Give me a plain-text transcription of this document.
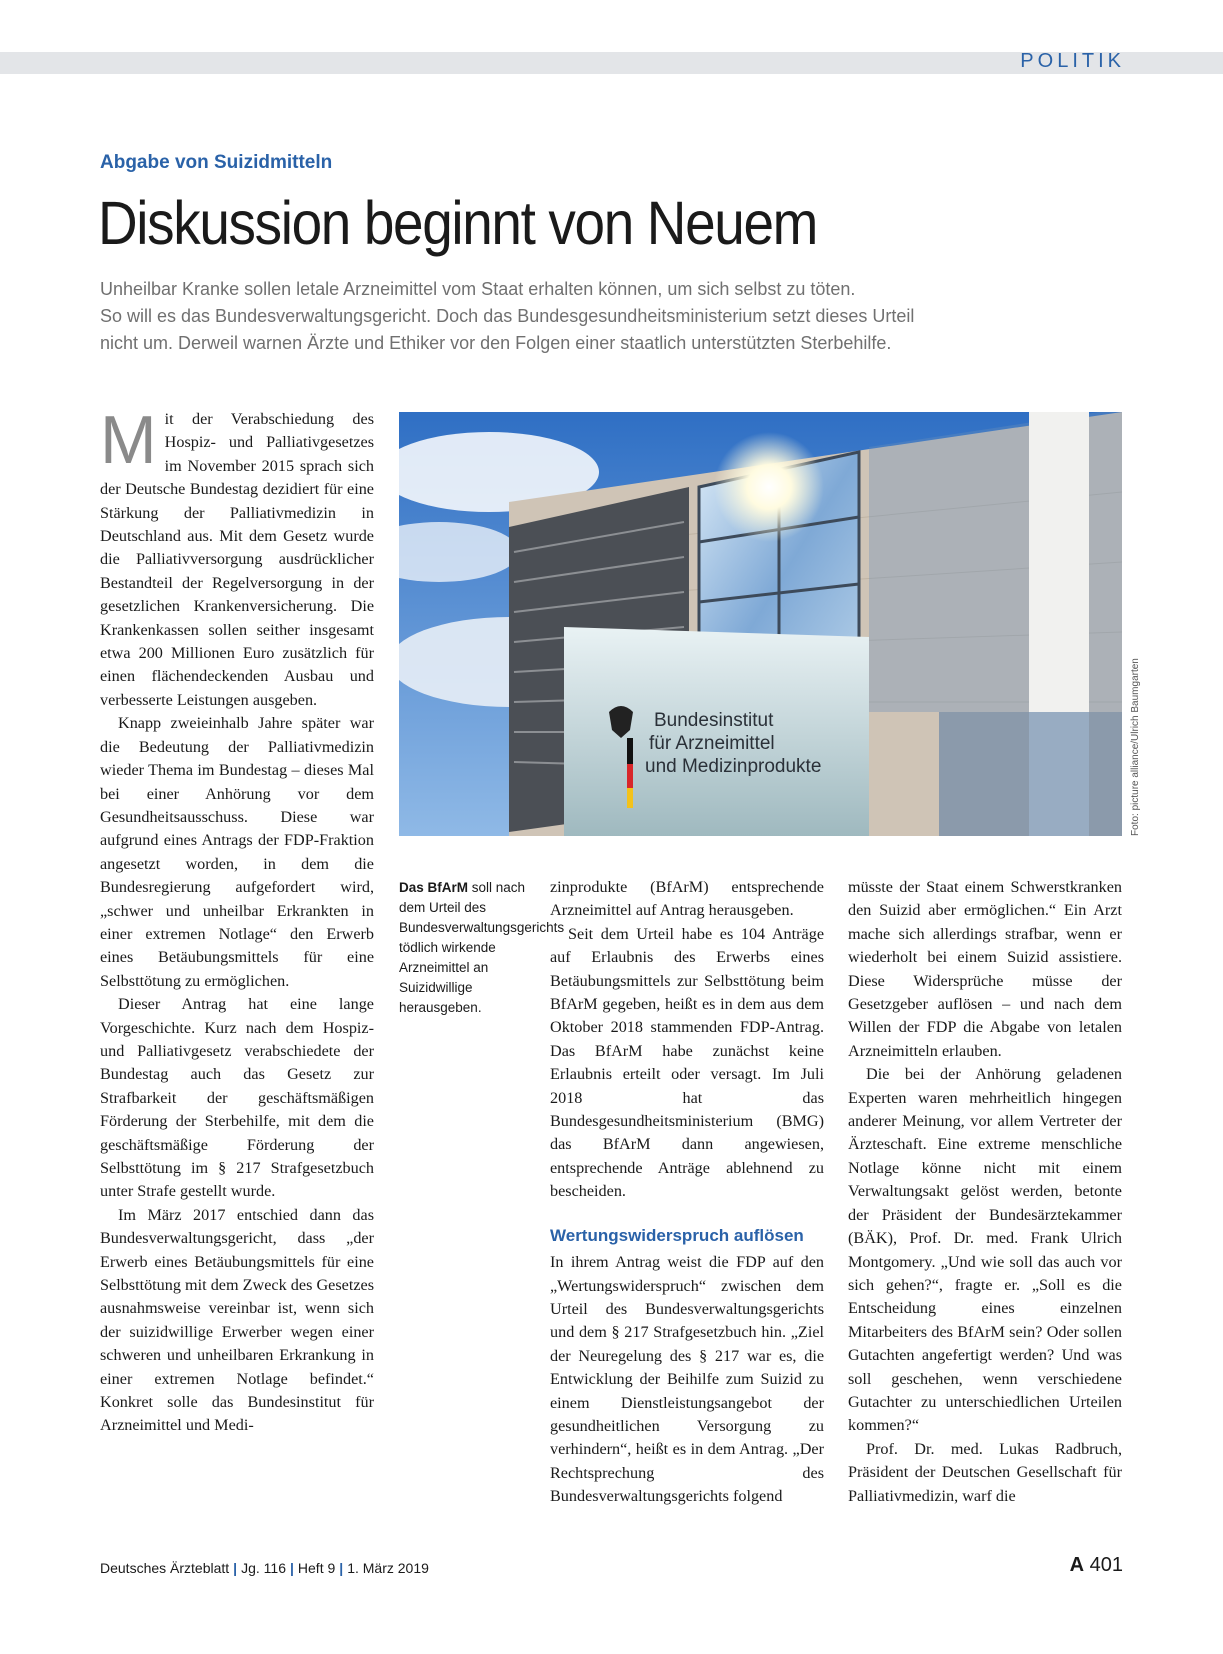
POLITIK
Abgabe von Suizidmitteln
Diskussion beginnt von Neuem
Unheilbar Kranke sollen letale Arzneimittel vom Staat erhalten können, um sich selbst zu töten.
So will es das Bundesverwaltungsgericht. Doch das Bundesgesundheitsministerium setzt dieses Urteil
nicht um. Derweil warnen Ärzte und Ethiker vor den Folgen einer staatlich unterstützten Sterbehilfe.

Mit der Verabschiedung des Hospiz- und Palliativgesetzes im November 2015 sprach sich der Deutsche Bundestag dezidiert für eine Stärkung der Palliativmedizin in Deutschland aus. Mit dem Gesetz wurde die Palliativversorgung ausdrücklicher Bestandteil der Regelversorgung in der gesetzlichen Krankenversicherung. Die Krankenkassen sollen seither insgesamt etwa 200 Millionen Euro zusätzlich für einen flächendeckenden Ausbau und verbesserte Leistungen ausgeben.

Knapp zweieinhalb Jahre später war die Bedeutung der Palliativmedizin wieder Thema im Bundestag – dieses Mal bei einer Anhörung vor dem Gesundheitsausschuss. Diese war aufgrund eines Antrags der FDP-Fraktion angesetzt worden, in dem die Bundesregierung aufgefordert wird, „schwer und unheilbar Erkrankten in einer extremen Notlage“ den Erwerb eines Betäubungsmittels für eine Selbsttötung zu ermöglichen.

Dieser Antrag hat eine lange Vorgeschichte. Kurz nach dem Hospiz- und Palliativgesetz verabschiedete der Bundestag auch das Gesetz zur Strafbarkeit der geschäftsmäßigen Förderung der Sterbehilfe, mit dem die geschäftsmäßige Förderung der Selbsttötung im § 217 Strafgesetzbuch unter Strafe gestellt wurde.

Im März 2017 entschied dann das Bundesverwaltungsgericht, dass „der Erwerb eines Betäubungsmittels für eine Selbsttötung mit dem Zweck des Gesetzes ausnahmsweise vereinbar ist, wenn sich der suizidwillige Erwerber wegen einer schweren und unheilbaren Erkrankung in einer extremen Notlage befindet.“ Konkret solle das Bundesinstitut für Arzneimittel und Medi-

Bundesinstitut
für Arzneimittel
und Medizinprodukte	Foto: picture alliance/Ulrich Baumgarten
Das BfArM soll nach dem Urteil des Bundesverwaltungsgerichts tödlich wirkende Arzneimittel an Suizidwillige herausgeben.

zinprodukte (BfArM) entsprechende Arzneimittel auf Antrag herausgeben.

Seit dem Urteil habe es 104 Anträge auf Erlaubnis des Erwerbs eines Betäubungsmittels zur Selbsttötung beim BfArM gegeben, heißt es in dem aus dem Oktober 2018 stammenden FDP-Antrag. Das BfArM habe zunächst keine Erlaubnis erteilt oder versagt. Im Juli 2018 hat das Bundesgesundheitsministerium (BMG) das BfArM dann angewiesen, entsprechende Anträge ablehnend zu bescheiden.

Wertungswiderspruch auflösen

In ihrem Antrag weist die FDP auf den „Wertungswiderspruch“ zwischen dem Urteil des Bundesverwaltungsgerichts und dem § 217 Strafgesetzbuch hin. „Ziel der Neuregelung des § 217 war es, die Entwicklung der Beihilfe zum Suizid zu einem Dienstleistungsangebot der gesundheitlichen Versorgung zu verhindern“, heißt es in dem Antrag. „Der Rechtsprechung des Bundesverwaltungsgerichts folgend

müsste der Staat einem Schwerstkranken den Suizid aber ermöglichen.“ Ein Arzt mache sich allerdings strafbar, wenn er wiederholt bei einem Suizid assistiere. Diese Widersprüche müsse der Gesetzgeber auflösen – und nach dem Willen der FDP die Abgabe von letalen Arzneimitteln erlauben.

Die bei der Anhörung geladenen Experten waren mehrheitlich hingegen anderer Meinung, vor allem Vertreter der Ärzteschaft. Eine extreme menschliche Notlage könne nicht mit einem Verwaltungsakt gelöst werden, betonte der Präsident der Bundesärztekammer (BÄK), Prof. Dr. med. Frank Ulrich Montgomery. „Und wie soll das auch vor sich gehen?“, fragte er. „Soll es die Entscheidung eines einzelnen Mitarbeiters des BfArM sein? Oder sollen Gutachten angefertigt werden? Und was soll geschehen, wenn verschiedene Gutachter zu unterschiedlichen Urteilen kommen?“

Prof. Dr. med. Lukas Radbruch, Präsident der Deutschen Gesellschaft für Palliativmedizin, warf die

Deutsches Ärzteblatt | Jg. 116 | Heft 9 | 1. März 2019	A 401
